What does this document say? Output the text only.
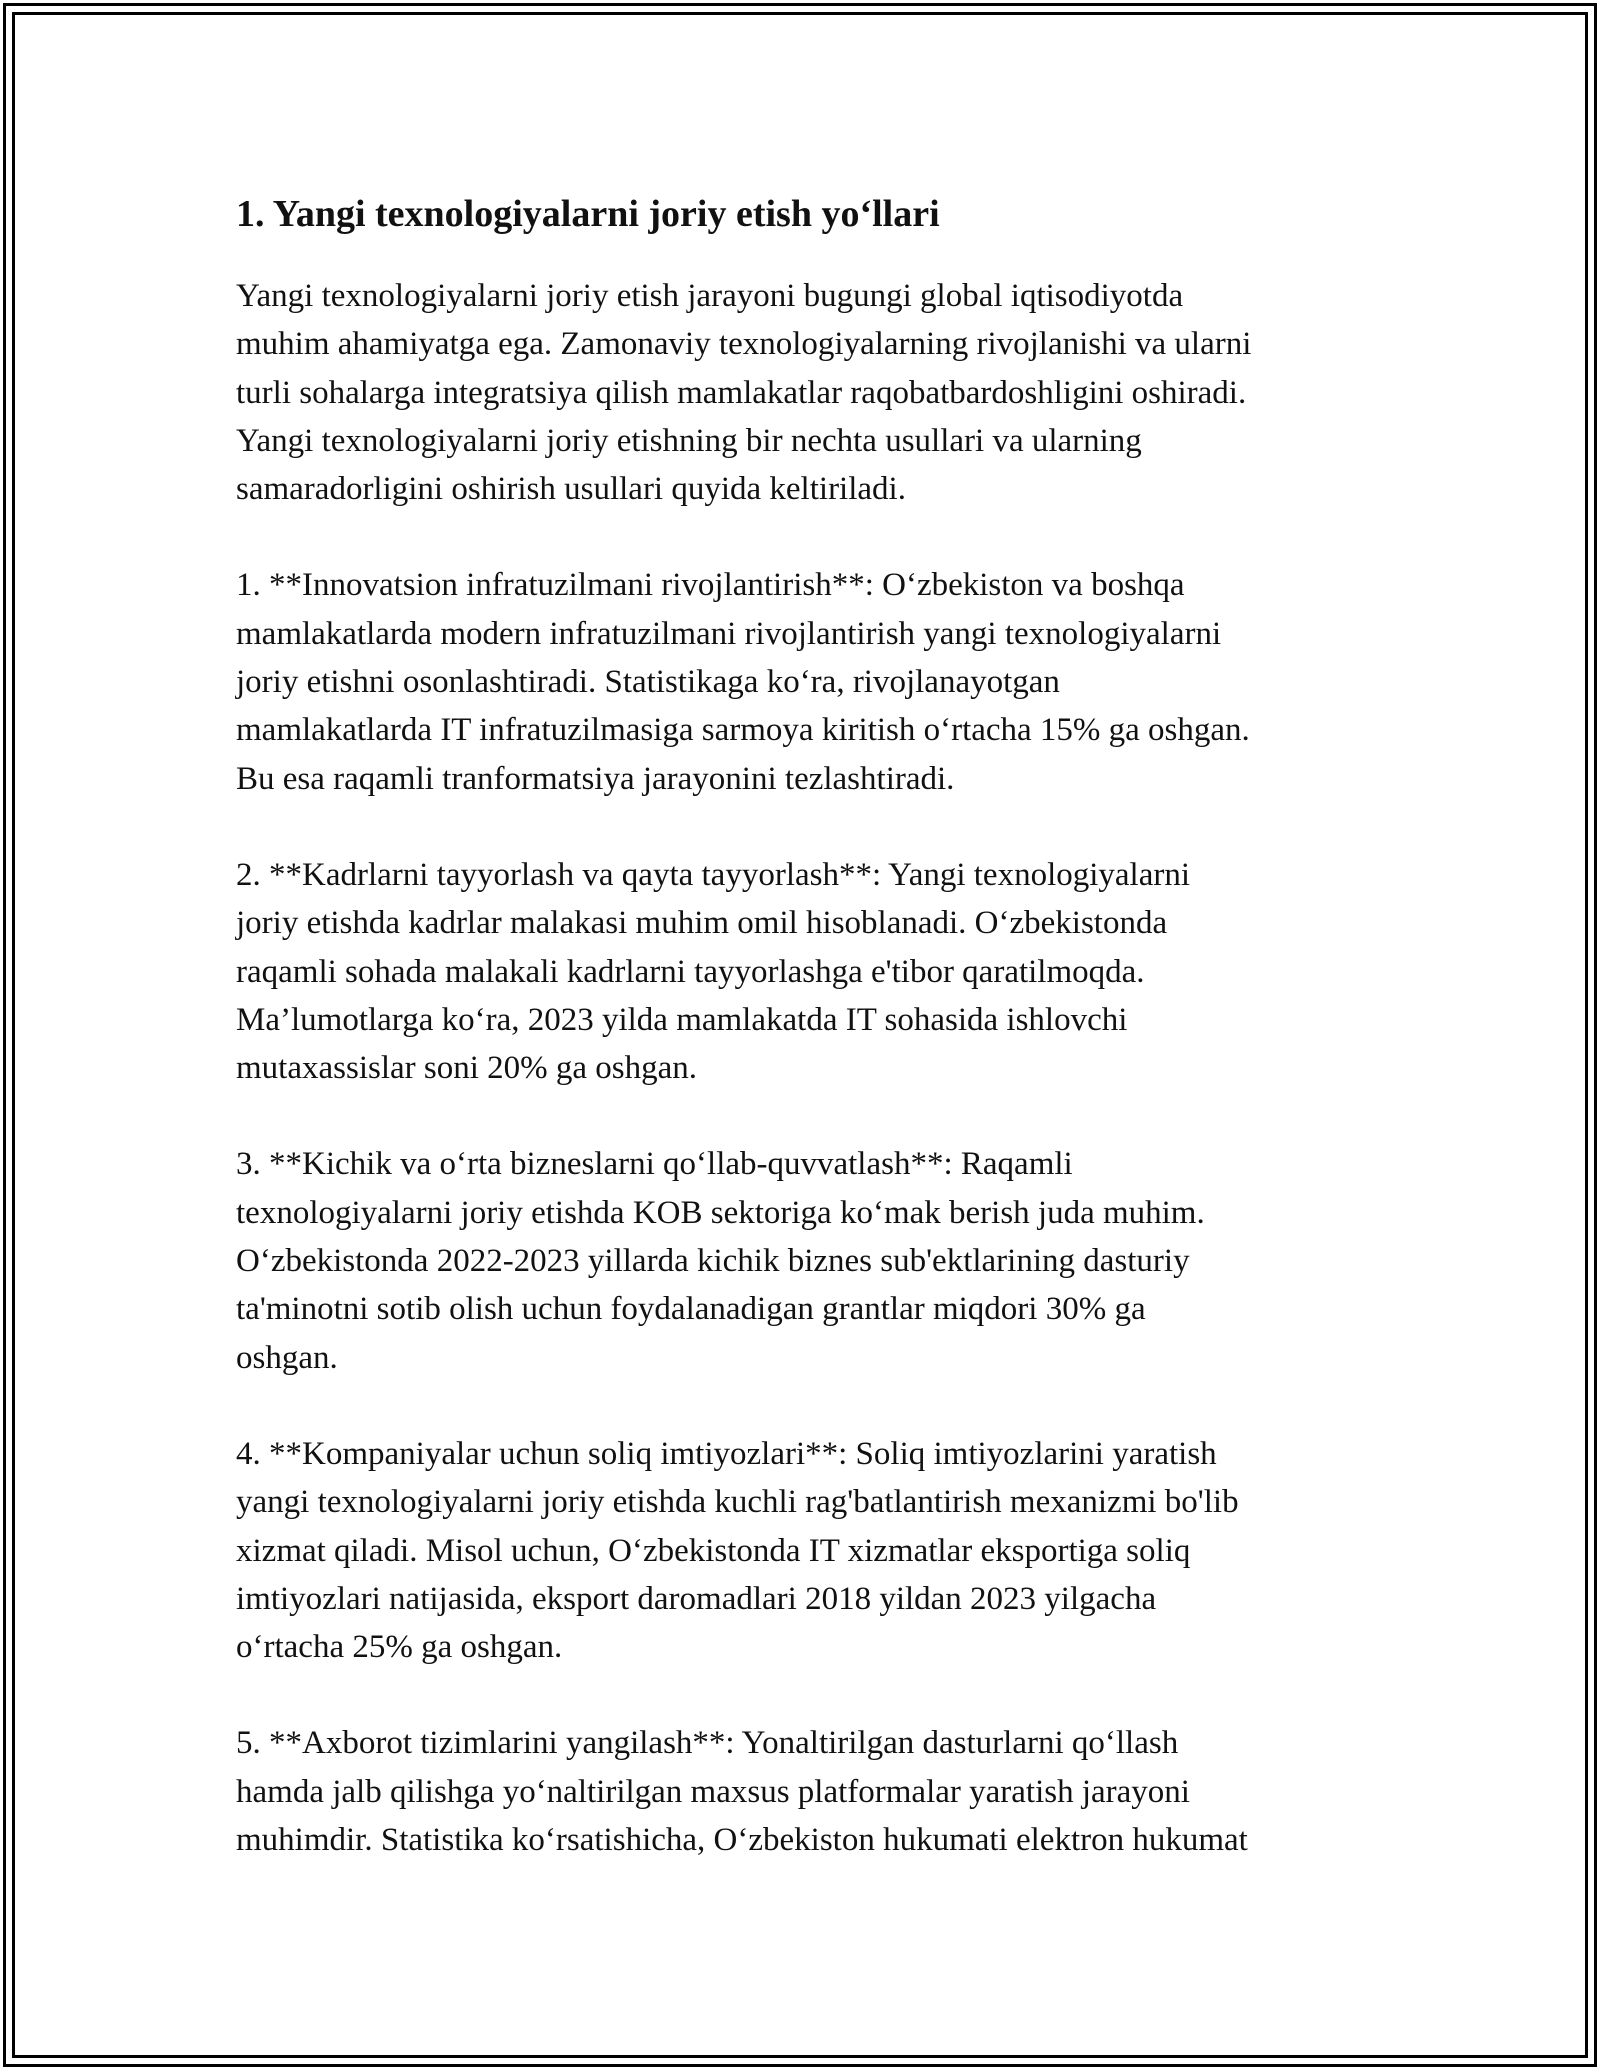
1. Yangi texnologiyalarni joriy etish yo‘llari

Yangi texnologiyalarni joriy etish jarayoni bugungi global iqtisodiyotda
muhim ahamiyatga ega. Zamonaviy texnologiyalarning rivojlanishi va ularni
turli sohalarga integratsiya qilish mamlakatlar raqobatbardoshligini oshiradi.
Yangi texnologiyalarni joriy etishning bir nechta usullari va ularning
samaradorligini oshirish usullari quyida keltiriladi.

1. **Innovatsion infratuzilmani rivojlantirish**: O‘zbekiston va boshqa
mamlakatlarda modern infratuzilmani rivojlantirish yangi texnologiyalarni
joriy etishni osonlashtiradi. Statistikaga ko‘ra, rivojlanayotgan
mamlakatlarda IT infratuzilmasiga sarmoya kiritish o‘rtacha 15% ga oshgan.
Bu esa raqamli tranformatsiya jarayonini tezlashtiradi.

2. **Kadrlarni tayyorlash va qayta tayyorlash**: Yangi texnologiyalarni
joriy etishda kadrlar malakasi muhim omil hisoblanadi. O‘zbekistonda
raqamli sohada malakali kadrlarni tayyorlashga e'tibor qaratilmoqda.
Ma’lumotlarga ko‘ra, 2023 yilda mamlakatda IT sohasida ishlovchi
mutaxassislar soni 20% ga oshgan.

3. **Kichik va o‘rta bizneslarni qo‘llab-quvvatlash**: Raqamli
texnologiyalarni joriy etishda KOB sektoriga ko‘mak berish juda muhim.
O‘zbekistonda 2022-2023 yillarda kichik biznes sub'ektlarining dasturiy
ta'minotni sotib olish uchun foydalanadigan grantlar miqdori 30% ga
oshgan.

4. **Kompaniyalar uchun soliq imtiyozlari**: Soliq imtiyozlarini yaratish
yangi texnologiyalarni joriy etishda kuchli rag'batlantirish mexanizmi bo'lib
xizmat qiladi. Misol uchun, O‘zbekistonda IT xizmatlar eksportiga soliq
imtiyozlari natijasida, eksport daromadlari 2018 yildan 2023 yilgacha
o‘rtacha 25% ga oshgan.

5. **Axborot tizimlarini yangilash**: Yonaltirilgan dasturlarni qo‘llash
hamda jalb qilishga yo‘naltirilgan maxsus platformalar yaratish jarayoni
muhimdir. Statistika ko‘rsatishicha, O‘zbekiston hukumati elektron hukumat
